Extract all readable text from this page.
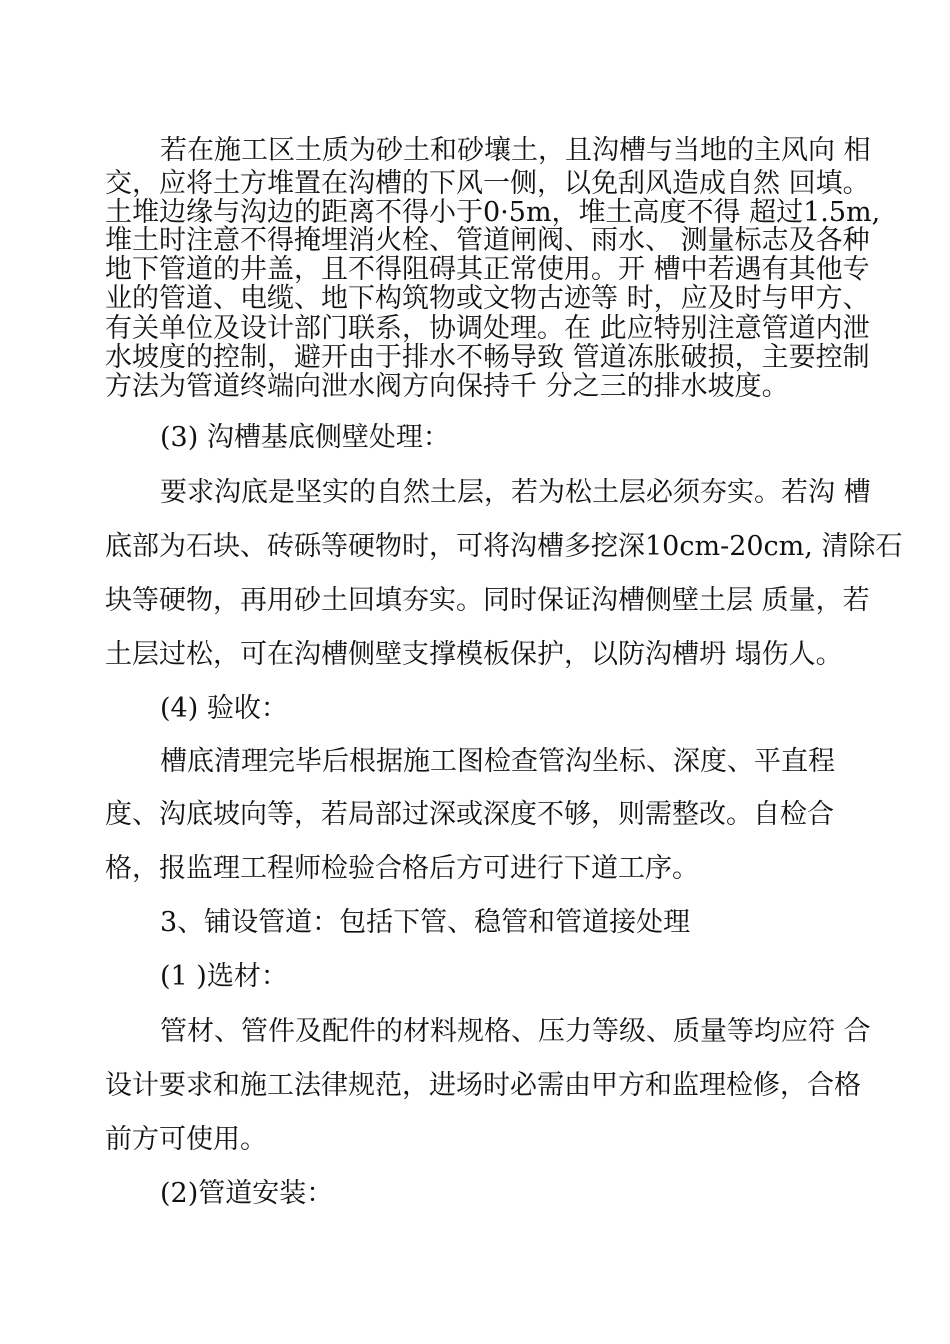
若在施工区土质为砂土和砂壤土，且沟槽与当地的主风向 相
交，应将土方堆置在沟槽的下风一侧，以免刮风造成自然 回填。
土堆边缘与沟边的距离不得小于0·5m，堆土高度不得 超过1.5m,
堆土时注意不得掩埋消火栓、管道闸阀、雨水、 测量标志及各种
地下管道的井盖，且不得阻碍其正常使用。开 槽中若遇有其他专
业的管道、电缆、地下构筑物或文物古迹等 时，应及时与甲方、
有关单位及设计部门联系，协调处理。在 此应特别注意管道内泄
水坡度的控制，避开由于排水不畅导致 管道冻胀破损，主要控制
方法为管道终端向泄水阀方向保持千 分之三的排水坡度。
(3) 沟槽基底侧壁处理：
要求沟底是坚实的自然土层，若为松土层必须夯实。若沟 槽
底部为石块、砖砾等硬物时，可将沟槽多挖深10cm-20cm, 清除石
块等硬物，再用砂土回填夯实。同时保证沟槽侧壁土层 质量，若
土层过松，可在沟槽侧壁支撑模板保护，以防沟槽坍 塌伤人。
(4) 验收：
槽底清理完毕后根据施工图检查管沟坐标、深度、平直程
度、沟底坡向等，若局部过深或深度不够，则需整改。自检合
格，报监理工程师检验合格后方可进行下道工序。
3、铺设管道：包括下管、稳管和管道接处理
(1 )选材：
管材、管件及配件的材料规格、压力等级、质量等均应符 合
设计要求和施工法律规范，进场时必需由甲方和监理检修，合格
前方可使用。
(2)管道安装：
